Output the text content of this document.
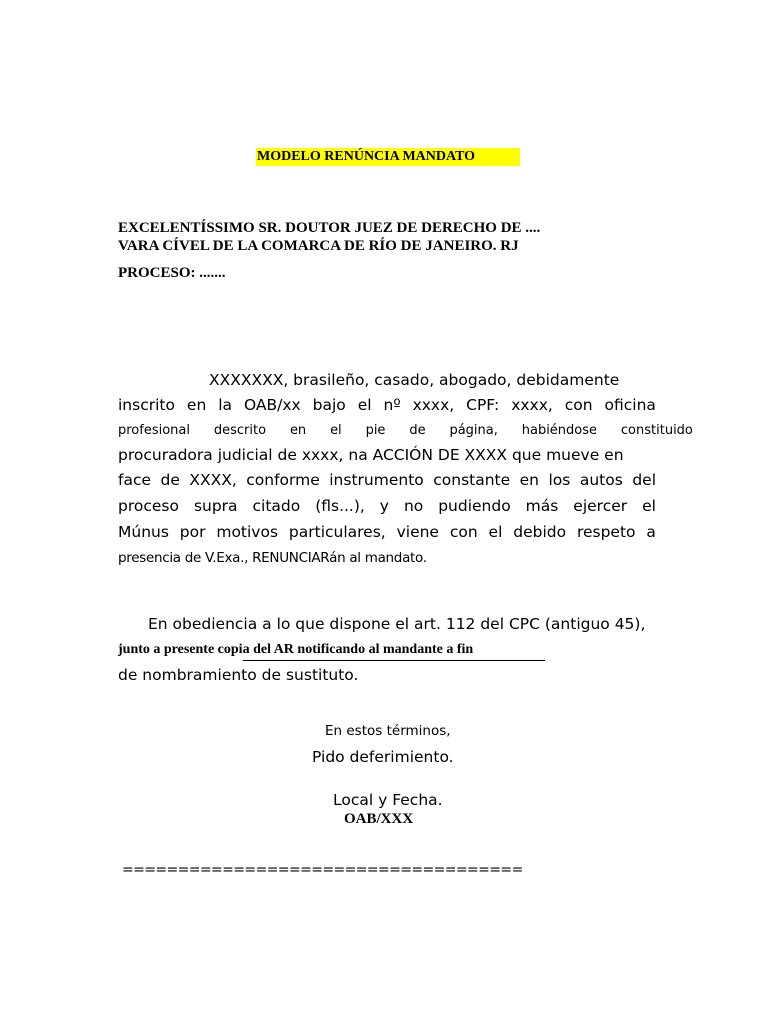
MODELO RENÚNCIA MANDATO
EXCELENTÍSSIMO SR. DOUTOR JUEZ DE DERECHO DE ....
VARA CÍVEL DE LA COMARCA DE RÍO DE JANEIRO. RJ
PROCESO: .......
XXXXXXX, brasileño, casado, abogado, debidamente
inscrito en la OAB/xx bajo el nº xxxx, CPF: xxxx, con oficina
profesional descrito en el pie de página, habiéndose constituido
procuradora judicial de xxxx, na ACCIÓN DE XXXX que mueve en
face de XXXX, conforme instrumento constante en los autos del
proceso supra citado (fls...), y no pudiendo más ejercer el
Múnus por motivos particulares, viene con el debido respeto a
presencia de V.Exa., RENUNCIARán al mandato.
En obediencia a lo que dispone el art. 112 del CPC (antiguo 45),
junto a presente copia del AR notificando al mandante a fin
de nombramiento de sustituto.
En estos términos,
Pido deferimiento.
Local y Fecha.
OAB/XXX
====================================
